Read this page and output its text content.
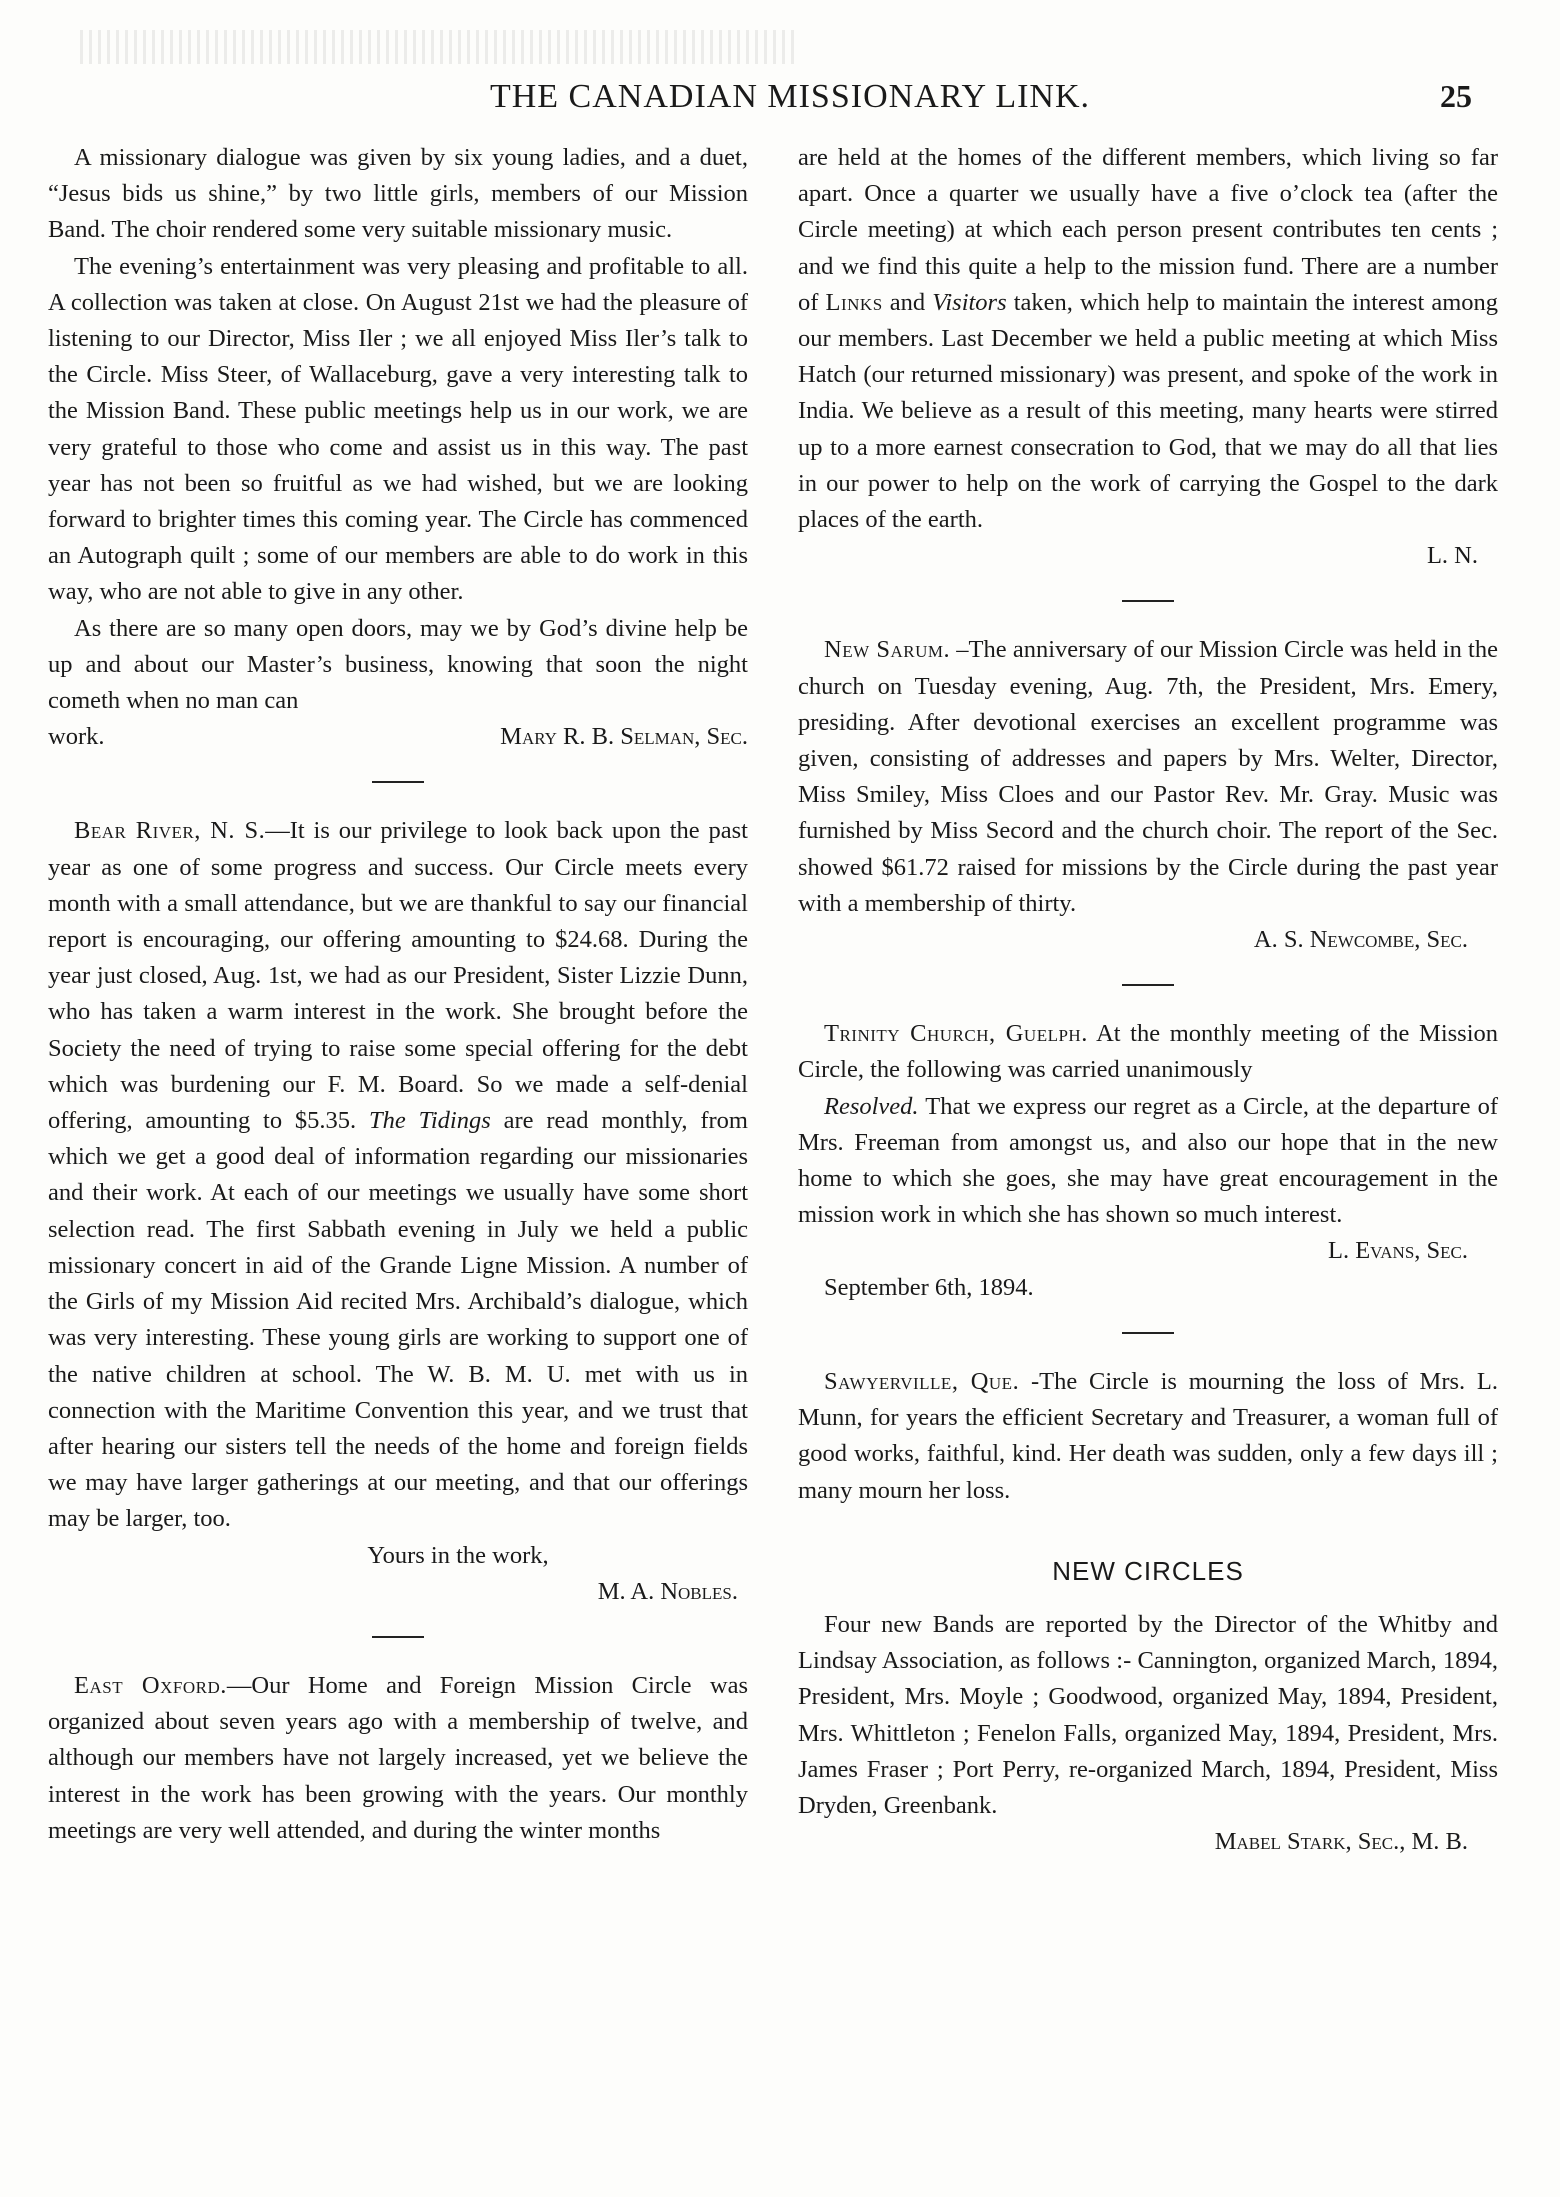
THE CANADIAN MISSIONARY LINK.	25

A missionary dialogue was given by six young ladies, and a duet, “Jesus bids us shine,” by two little girls, members of our Mission Band. The choir rendered some very suitable missionary music.

The evening’s entertainment was very pleasing and profitable to all. A collection was taken at close. On August 21st we had the pleasure of listening to our Director, Miss Iler ; we all enjoyed Miss Iler’s talk to the Circle. Miss Steer, of Wallaceburg, gave a very interesting talk to the Mission Band. These public meetings help us in our work, we are very grateful to those who come and assist us in this way. The past year has not been so fruitful as we had wished, but we are looking forward to brighter times this coming year. The Circle has commenced an Autograph quilt ; some of our members are able to do work in this way, who are not able to give in any other.

As there are so many open doors, may we by God’s divine help be up and about our Master’s business, knowing that soon the night cometh when no man can

work.	Mary R. B. Selman, Sec.

Bear River, N. S.—It is our privilege to look back upon the past year as one of some progress and success. Our Circle meets every month with a small attendance, but we are thankful to say our financial report is encouraging, our offering amounting to $24.68. During the year just closed, Aug. 1st, we had as our President, Sister Lizzie Dunn, who has taken a warm interest in the work. She brought before the Society the need of trying to raise some special offering for the debt which was burdening our F. M. Board. So we made a self-denial offering, amounting to $5.35. The Tidings are read monthly, from which we get a good deal of information regarding our missionaries and their work. At each of our meetings we usually have some short selection read. The first Sabbath evening in July we held a public missionary concert in aid of the Grande Ligne Mission. A number of the Girls of my Mission Aid recited Mrs. Archibald’s dialogue, which was very interesting. These young girls are working to support one of the native children at school. The W. B. M. U. met with us in connection with the Maritime Convention this year, and we trust that after hearing our sisters tell the needs of the home and foreign fields we may have larger gatherings at our meeting, and that our offerings may be larger, too.

Yours in the work,

M. A. Nobles.

East Oxford.—Our Home and Foreign Mission Circle was organized about seven years ago with a membership of twelve, and although our members have not largely increased, yet we believe the interest in the work has been growing with the years. Our monthly meetings are very well attended, and during the winter months

are held at the homes of the different members, which living so far apart. Once a quarter we usually have a five o’clock tea (after the Circle meeting) at which each person present contributes ten cents ; and we find this quite a help to the mission fund. There are a number of Links and Visitors taken, which help to maintain the interest among our members. Last December we held a public meeting at which Miss Hatch (our returned missionary) was present, and spoke of the work in India. We believe as a result of this meeting, many hearts were stirred up to a more earnest consecration to God, that we may do all that lies in our power to help on the work of carrying the Gospel to the dark places of the earth.

L. N.

New Sarum. –The anniversary of our Mission Circle was held in the church on Tuesday evening, Aug. 7th, the President, Mrs. Emery, presiding. After devotional exercises an excellent programme was given, consisting of addresses and papers by Mrs. Welter, Director, Miss Smiley, Miss Cloes and our Pastor Rev. Mr. Gray. Music was furnished by Miss Secord and the church choir. The report of the Sec. showed $61.72 raised for missions by the Circle during the past year with a membership of thirty.

A. S. Newcombe, Sec.

Trinity Church, Guelph. At the monthly meeting of the Mission Circle, the following was carried unanimously

Resolved. That we express our regret as a Circle, at the departure of Mrs. Freeman from amongst us, and also our hope that in the new home to which she goes, she may have great encouragement in the mission work in which she has shown so much interest.

L. Evans, Sec.

September 6th, 1894.

Sawyerville, Que. -The Circle is mourning the loss of Mrs. L. Munn, for years the efficient Secretary and Treasurer, a woman full of good works, faithful, kind. Her death was sudden, only a few days ill ; many mourn her loss.

NEW CIRCLES

Four new Bands are reported by the Director of the Whitby and Lindsay Association, as follows :- Cannington, organized March, 1894, President, Mrs. Moyle ; Goodwood, organized May, 1894, President, Mrs. Whittleton ; Fenelon Falls, organized May, 1894, President, Mrs. James Fraser ; Port Perry, re-organized March, 1894, President, Miss Dryden, Greenbank.

Mabel Stark, Sec., M. B.
